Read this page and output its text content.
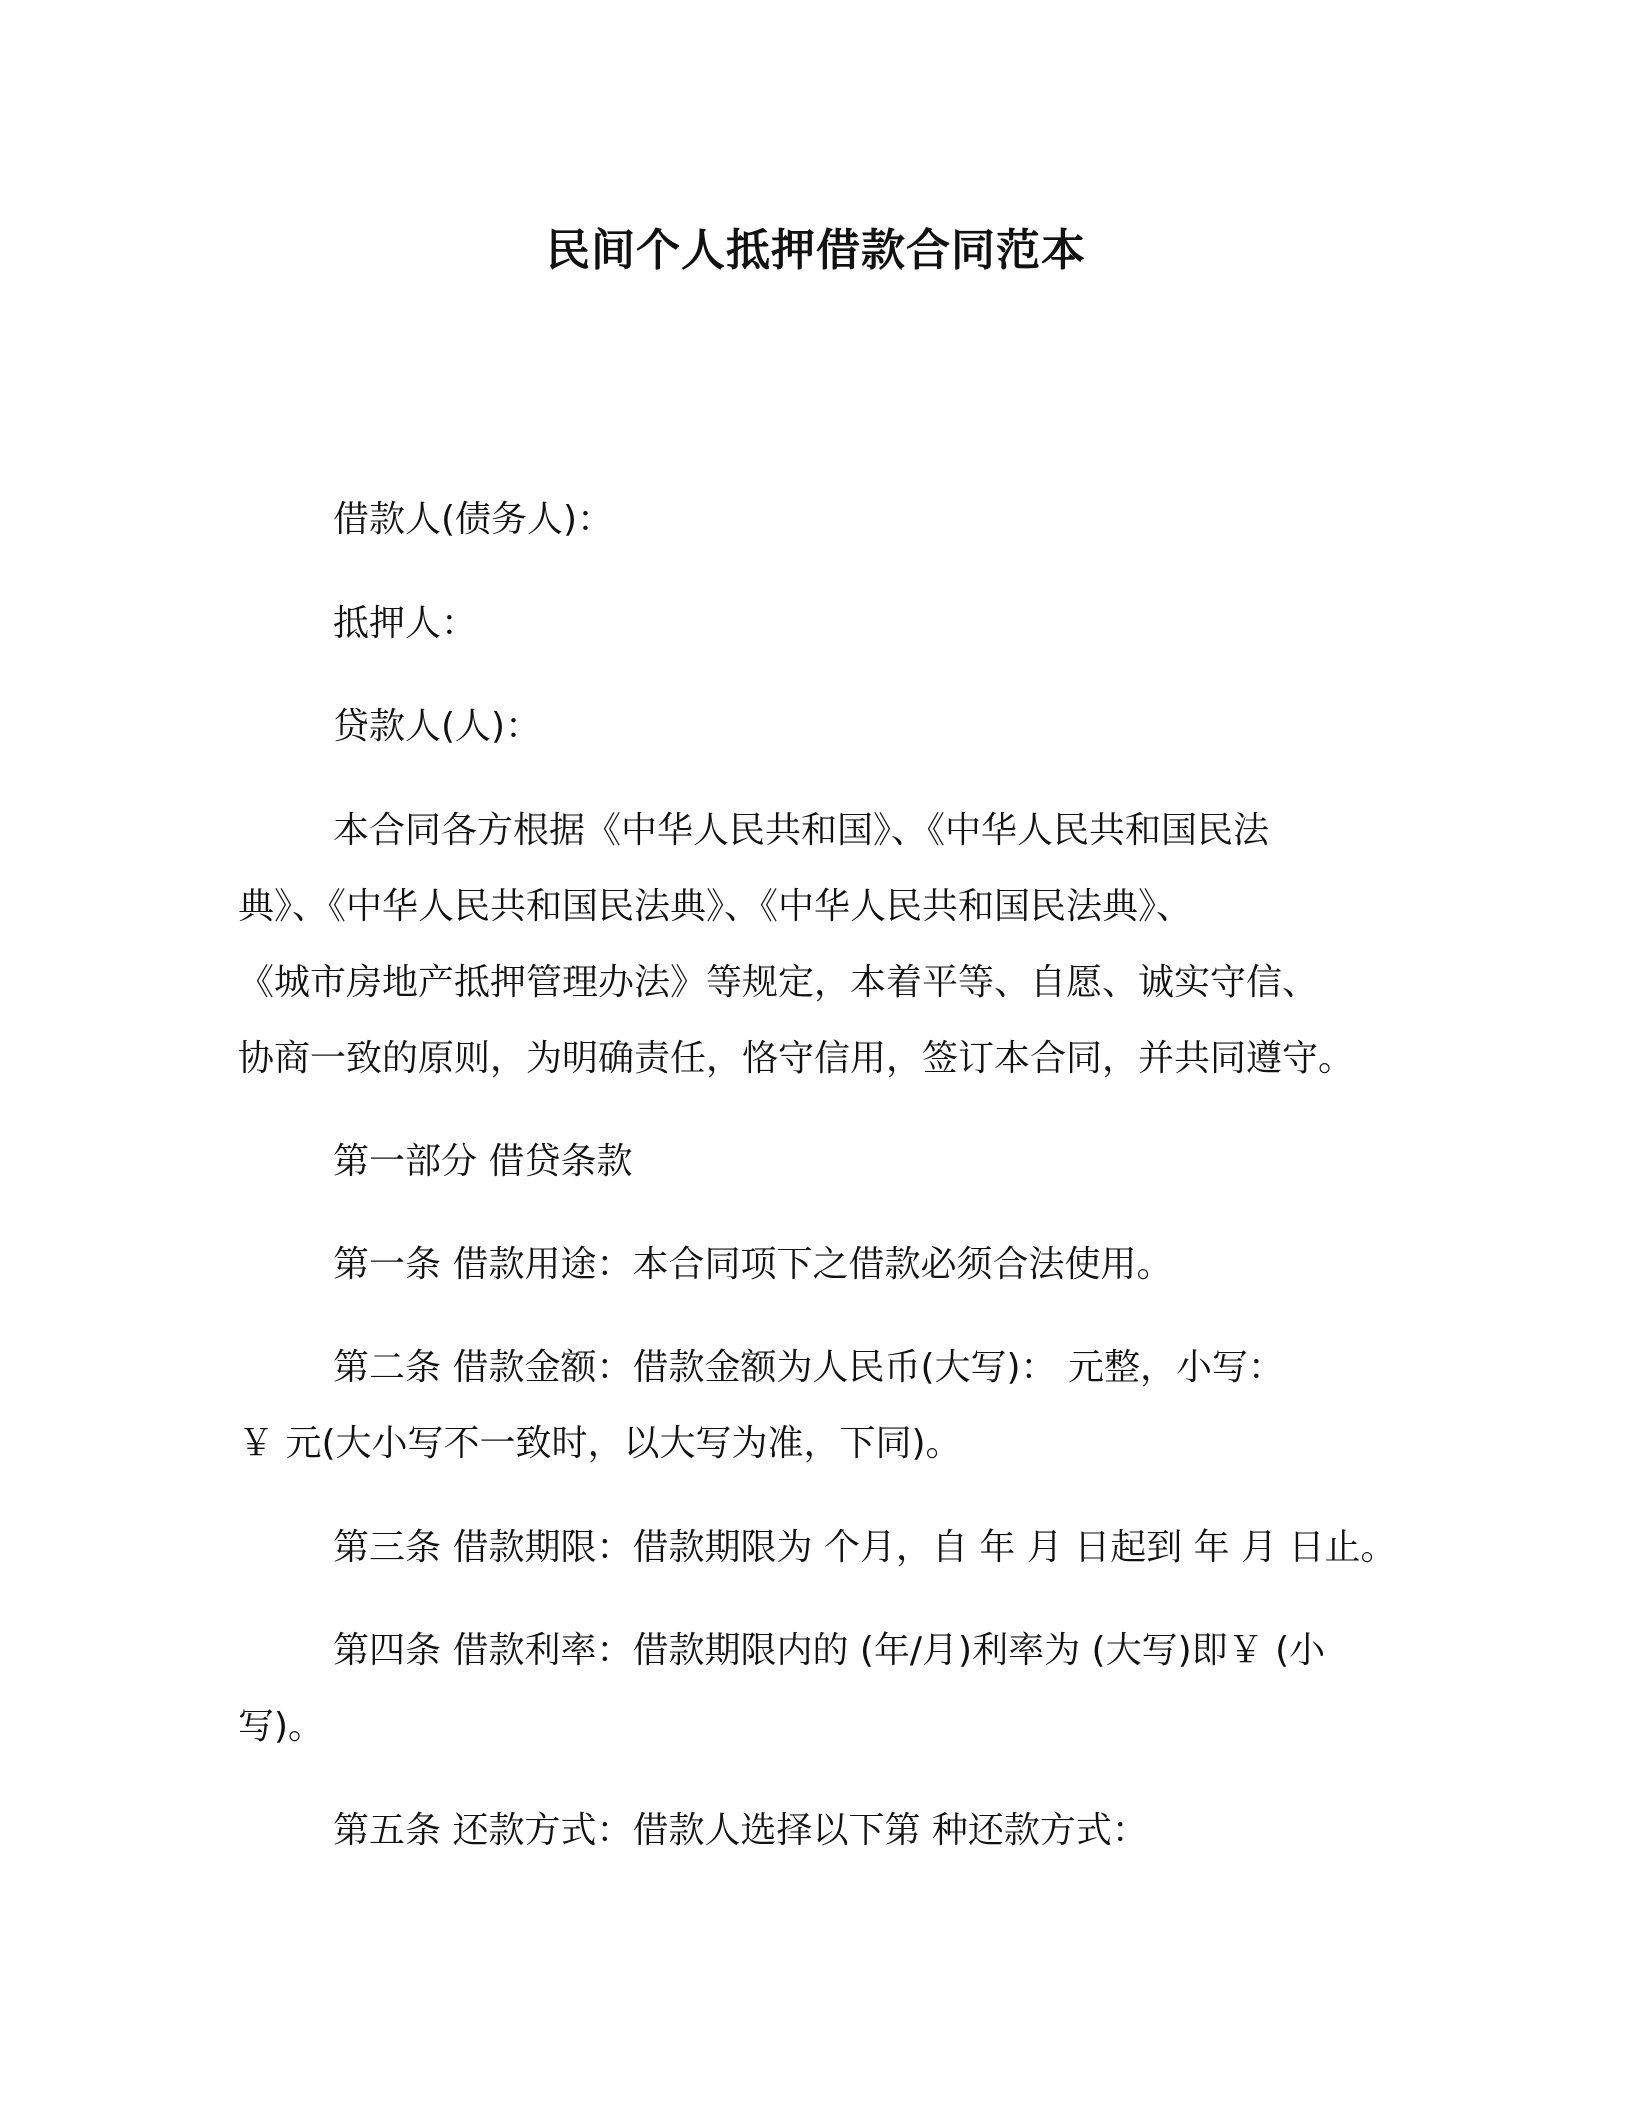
民间个人抵押借款合同范本
借款人(债务人)：
抵押人：
贷款人(人)：
本合同各方根据《中华人民共和国》、《中华人民共和国民法
典》、《中华人民共和国民法典》、《中华人民共和国民法典》、
《城市房地产抵押管理办法》等规定，本着平等、自愿、诚实守信、
协商一致的原则，为明确责任，恪守信用，签订本合同，并共同遵守。
第一部分 借贷条款
第一条 借款用途：本合同项下之借款必须合法使用。
第二条 借款金额：借款金额为人民币(大写)： 元整，小写：
￥ 元(大小写不一致时，以大写为准，下同)。
第三条 借款期限：借款期限为 个月，自 年 月 日起到 年 月 日止。
第四条 借款利率：借款期限内的 (年/月)利率为 (大写)即￥ (小
写)。
第五条 还款方式：借款人选择以下第 种还款方式：
